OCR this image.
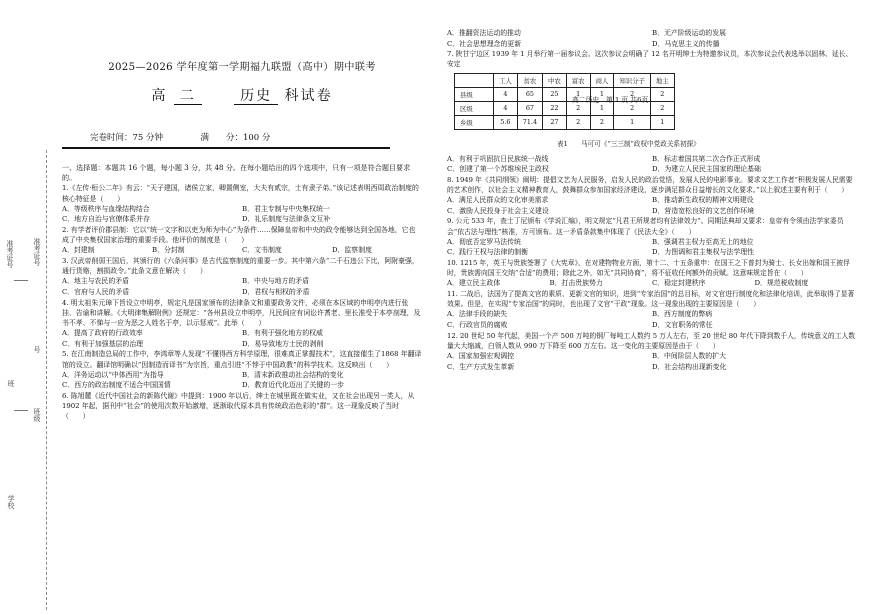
准考证号	准考证号
号
班
班级
学校
2025—2026 学年度第一学期福九联盟（高中）期中联考
高 二	历史 科试卷
完卷时间：75 分钟	满　　分：100 分
一、选择题：本题共 16 个题，每小题 3 分，共 48 分。在每小题给出的四个选项中，只有一项是符合题目要求的。

1.《左传·桓公二年》有云：“天子建国，诸侯立家，卿置侧室，大夫有贰宗，士有隶子弟。”该记述表明西周政治制度的核心特征是（　　）

A．等级秩序与血缘结构结合	B．君主专制与中央集权统一
C．地方自治与官僚体系并存	D．礼乐制度与法律条文互补

2. 有学者评价郡县制：它以“统一文字和以吏为师为中心”为条件……保障皇帝和中央的政令能够达到全国各地，它也成了中央集权国家治理的重要手段。他评价的制度是（　　）

A．封建制	B．分封制	C．文书制度	D．监察制度

3. 汉武帝削弱王国后，其颁行的《六条问事》是古代监察制度的重要一步。其中第六条“二千石违公下比，阿附豪强，通行货赂，割损政令。”此条文意在解决（　　）

A．地主与农民的矛盾	B．中央与地方的矛盾
C．官府与人民的矛盾	D．君权与相权的矛盾

4. 明太祖朱元璋下旨设立申明亭，规定凡是国家颁布的法律条文和重要政务文件，必须在本区域的申明亭内进行张挂、告谕和讲解。《大明律集解附例》还规定：“各州县设立申明亭，凡民间应有词讼许耆老、里长准受于本亭剖理，及书不孝、不悌与一应为恶之人姓名于亭，以示惩戒”。此举（　　）

A．提高了政府的行政效率	B．有利于强化地方的权威
C．有利于加强基层的治理	D．易导致地方士民的剥削

5. 在江南制造总局的工作中，李鸿章等人发现“不懂得西方科学原理，很难真正掌握技术”，这直接催生了1868 年翻译馆的设立。翻译馆明确以“因制造而译书”为宗旨，重点引进“不悖于中国政教”的科学技术。这反映出（　　）

A．洋务运动以“中体西用”为指导	B．清末新政推动社会结构的变化
C．西方的政治制度不适合中国国情	D．教育近代化迈出了关键的一步

6. 陈旭麓《近代中国社会的新陈代谢》中提到：1900 年以后，绅士在城里既在做实业，又在社会出现另一类人，从 1902 年起，据刊中“社会”的使用次数开始激增，逐渐取代原本具有传统政治色彩的“群”。这一现象反映了当时（　　）

A．推翻资法运动的推动	B．无产阶级运动的发展
C．社会思想理念的更新	D．马克思主义的传播

7. 陕甘宁边区 1939 年 1 月举行第一届参议会。这次参议会明确了 12 名开明绅士为特邀参议员，本次参议会代表选举以固林、延长、安定

	工人	贫农	中农	富农	商人	知识分子	地主
县级	4	65	25	1	1	2	2
区级	4	67	22	2	1	2	2
乡级	5.6	71.4	27	2	2	1	1
表1　　马可可《“三三制”政权中党政关系初探》
A．有利于巩固抗日民族统一战线	B．标志着国共第二次合作正式形成
C．创建了第一个苏维埃民主政权	D．为建立人民民主国家的理论基础

8. 1949 年《共同纲领》阐明：提倡文艺为人民服务，启发人民的政治觉悟，发展人民的电影事业。要求文艺工作者“积极发展人民需要的艺术创作，以社会主义精神教育人，鼓舞群众参加国家经济建设，逐步满足群众日益增长的文化要求。”以上叙述主要有利于（　　）

A．满足人民群众的文化审美需求	B．推动新生政权的精神文明建设
C．激励人民投身于社会主义建设	D．营造宽松良好的文艺创作环境

9. 公元 533 年，查士丁尼颁布《学说汇编》，明文规定“凡君王所规者均有法律效力”。同期法典却又要求：皇帝有令须由法学家委员会“依古法与理性”核准，方可颁布。这一矛盾条款集中体现了《民法大全》（　　）

A．彻底否定罗马法传统	B．强调君主权力至高无上的地位
C．践行王权与法律的制衡	D．力图调和君主集权与法学理性

10. 1215 年，英王与贵族签署了《大宪章》，在对建物物业方面，第十二、十五条重申：在国王之下普封为骑士、长女出嫁和国王被俘时，贵族需向国王交纳“合适”的费用；除此之外，如无“共同协商”，将不征收任何额外的贡赋。这意味规定旨在（　　）

A．建立民主政体	B．打击贵族势力	C．稳定封建秩序	D．规范税收制度

11. 二战后，法国为了提高文官的素质、更新文官的知识，进到“专家治国”的总目标，对文官进行制度化和法律化培训，此举取得了显著效果。但是，在实现“专家治国”的同时，也出现了文官“干政”现象。这一现象出现的主要原因是（　　）

A．法律手段的缺失	B．西方制度的弊病
C．行政官员的腐败	D．文官职务的常任

12. 20 世纪 50 年代起，美国一个产 500 万吨的钢厂每吨工人数约 5 万人左右，至 20 世纪 80 年代下降到数千人，传统意义的工人数量大大缩减，白领人数从 990 万下降至 600 万左右。这一变化的主要原因是由于（　　）

A．国家加强宏观调控	B．中间阶层人数的扩大
C．生产方式发生革新	D．社会结构出现新变化
高二历史　第 1 页 共6页
